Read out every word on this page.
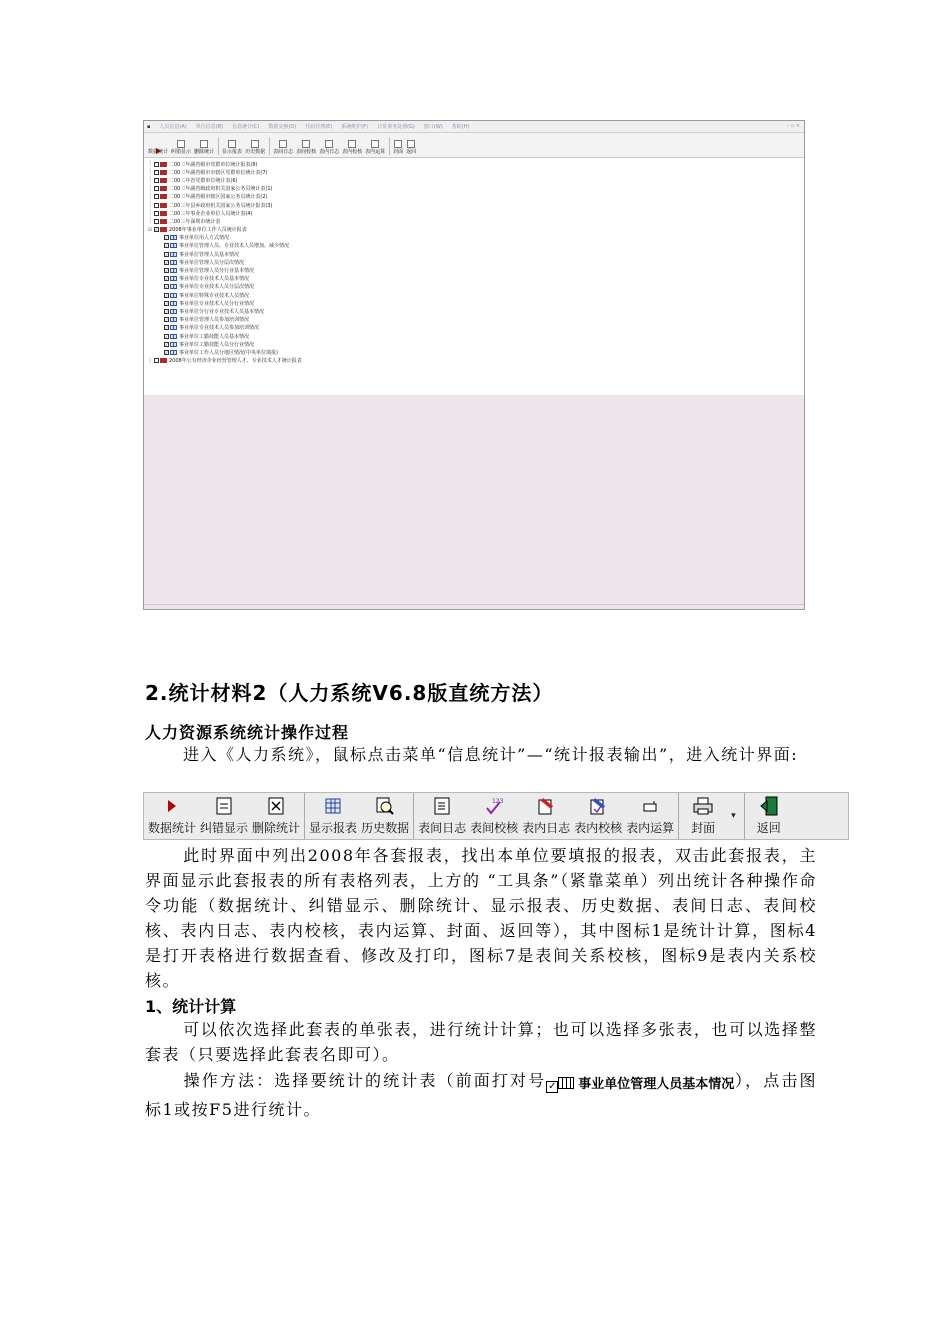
▪	– ▫ ×
人员信息(A) 单位信息(B) 信息统计(C) 数据交换(D) 代码管理(E) 系统维护(F) 日常事务处理(G) 窗口(W) 帮助(H)
数据统计 纠错显示 删除统计 显示报表 历史数据 表间日志 表间校核 表内日志 表内校核 表内运算 封面 返回
┆	二00三年副省级市党群单位统计报表(8)
┆	二00三年副省级市市辖区党群单位统计表(7)
┆	二00三年省党群单位统计表(6)
┆	二00三年副省级政府机关国家公务员统计表(1)
┆	二00三年副省级市辖区国家公务员统计表(2)
┆	二00三年县乡政府机关国家公务员统计报表(3)
┆	二00三年事业企业单位人员统计表(4)
┆	二00三年深圳市统计表
⊟ ✓ 2008年事业单位工作人员统计报表
✓ 事业单位用人方式情况
✓ 事业单位管理人员、专业技术人员增加、减少情况
✓ 事业单位管理人员基本情况
✓ 事业单位管理人员分层次情况
✓ 事业单位管理人员分行业基本情况
✓ 事业单位专业技术人员基本情况
✓ 事业单位专业技术人员分层次情况
✓ 事业单位特殊专业技术人员情况
✓ 事业单位专业技术人员分行业情况
✓ 事业单位分行业专业技术人员基本情况
✓ 事业单位管理人员参加培训情况
✓ 事业单位专业技术人员参加培训情况
✓ 事业单位工勤技能人员基本情况
✓ 事业单位工勤技能人员分行业情况
✓ 事业单位工作人员分地区情况(中央单位填报)
┆	2008年公有经济企业经营管理人才、专业技术人才统计报表
2.统计材料2（人力系统V6.8版直统方法）
人力资源系统统计操作过程
进入《人力系统》，鼠标点击菜单“信息统计”—“统计报表输出”，进入统计界面:
数据统计 纠错显示 删除统计 显示报表 历史数据 表间日志
123
表间校核 表内日志 表内校核 表内运算 封面
▾
返回
此时界面中列出2008年各套报表，找出本单位要填报的报表，双击此套报表，主界面显示此套报表的所有表格列表，上方的 “工具条”（紧靠菜单）列出统计各种操作命令功能（数据统计、纠错显示、删除统计、显示报表、历史数据、表间日志、表间校核、表内日志、表内校核，表内运算、封面、返回等），其中图标1是统计计算，图标4是打开表格进行数据查看、修改及打印，图标7是表间关系校核，图标9是表内关系校核。
1、统计计算
可以依次选择此套表的单张表，进行统计计算；也可以选择多张表，也可以选择整套表（只要选择此套表名即可）。
操作方法：选择要统计的统计表（前面打对号 ✓ 事业单位管理人员基本情况），点击图标1或按F5进行统计。
